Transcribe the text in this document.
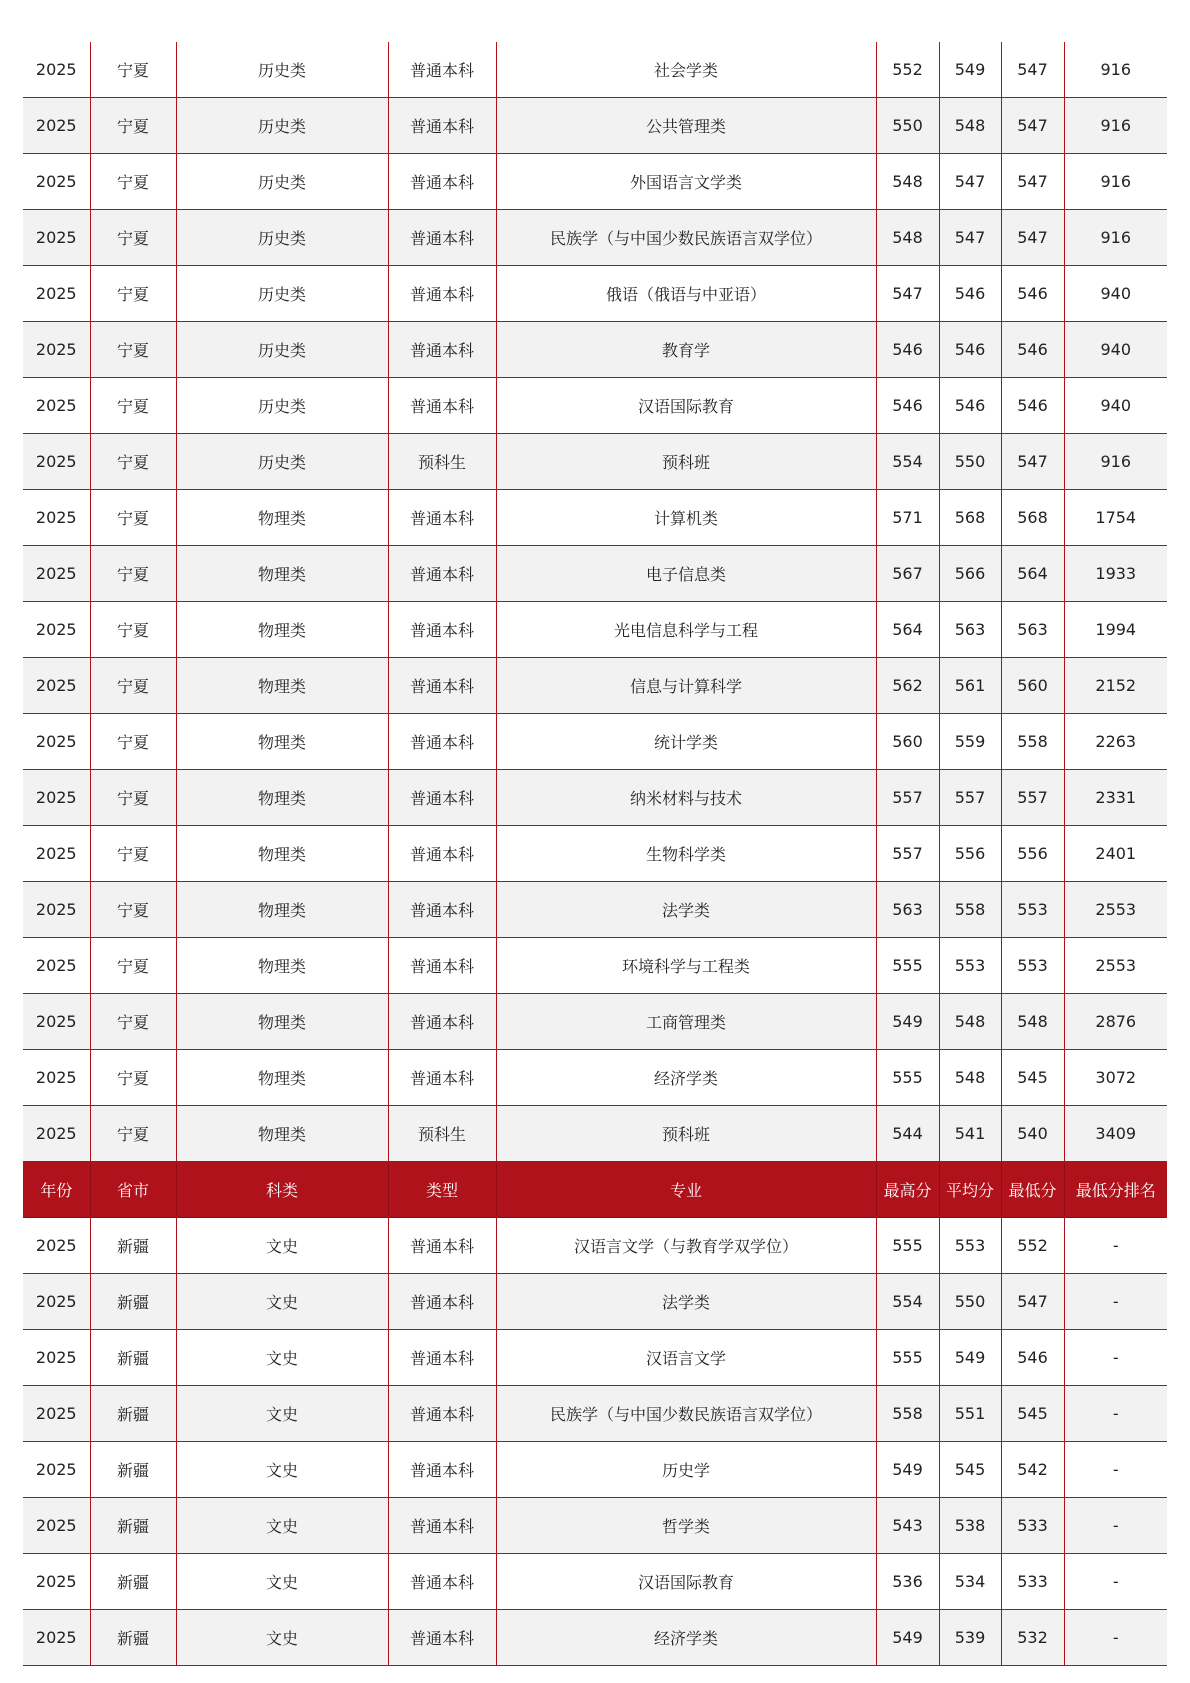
2025	宁夏	历史类	普通本科	社会学类	552	549	547	916
2025	宁夏	历史类	普通本科	公共管理类	550	548	547	916
2025	宁夏	历史类	普通本科	外国语言文学类	548	547	547	916
2025	宁夏	历史类	普通本科	民族学（与中国少数民族语言双学位）	548	547	547	916
2025	宁夏	历史类	普通本科	俄语（俄语与中亚语）	547	546	546	940
2025	宁夏	历史类	普通本科	教育学	546	546	546	940
2025	宁夏	历史类	普通本科	汉语国际教育	546	546	546	940
2025	宁夏	历史类	预科生	预科班	554	550	547	916
2025	宁夏	物理类	普通本科	计算机类	571	568	568	1754
2025	宁夏	物理类	普通本科	电子信息类	567	566	564	1933
2025	宁夏	物理类	普通本科	光电信息科学与工程	564	563	563	1994
2025	宁夏	物理类	普通本科	信息与计算科学	562	561	560	2152
2025	宁夏	物理类	普通本科	统计学类	560	559	558	2263
2025	宁夏	物理类	普通本科	纳米材料与技术	557	557	557	2331
2025	宁夏	物理类	普通本科	生物科学类	557	556	556	2401
2025	宁夏	物理类	普通本科	法学类	563	558	553	2553
2025	宁夏	物理类	普通本科	环境科学与工程类	555	553	553	2553
2025	宁夏	物理类	普通本科	工商管理类	549	548	548	2876
2025	宁夏	物理类	普通本科	经济学类	555	548	545	3072
2025	宁夏	物理类	预科生	预科班	544	541	540	3409
年份	省市	科类	类型	专业	最高分	平均分	最低分	最低分排名
2025	新疆	文史	普通本科	汉语言文学（与教育学双学位）	555	553	552	-
2025	新疆	文史	普通本科	法学类	554	550	547	-
2025	新疆	文史	普通本科	汉语言文学	555	549	546	-
2025	新疆	文史	普通本科	民族学（与中国少数民族语言双学位）	558	551	545	-
2025	新疆	文史	普通本科	历史学	549	545	542	-
2025	新疆	文史	普通本科	哲学类	543	538	533	-
2025	新疆	文史	普通本科	汉语国际教育	536	534	533	-
2025	新疆	文史	普通本科	经济学类	549	539	532	-
